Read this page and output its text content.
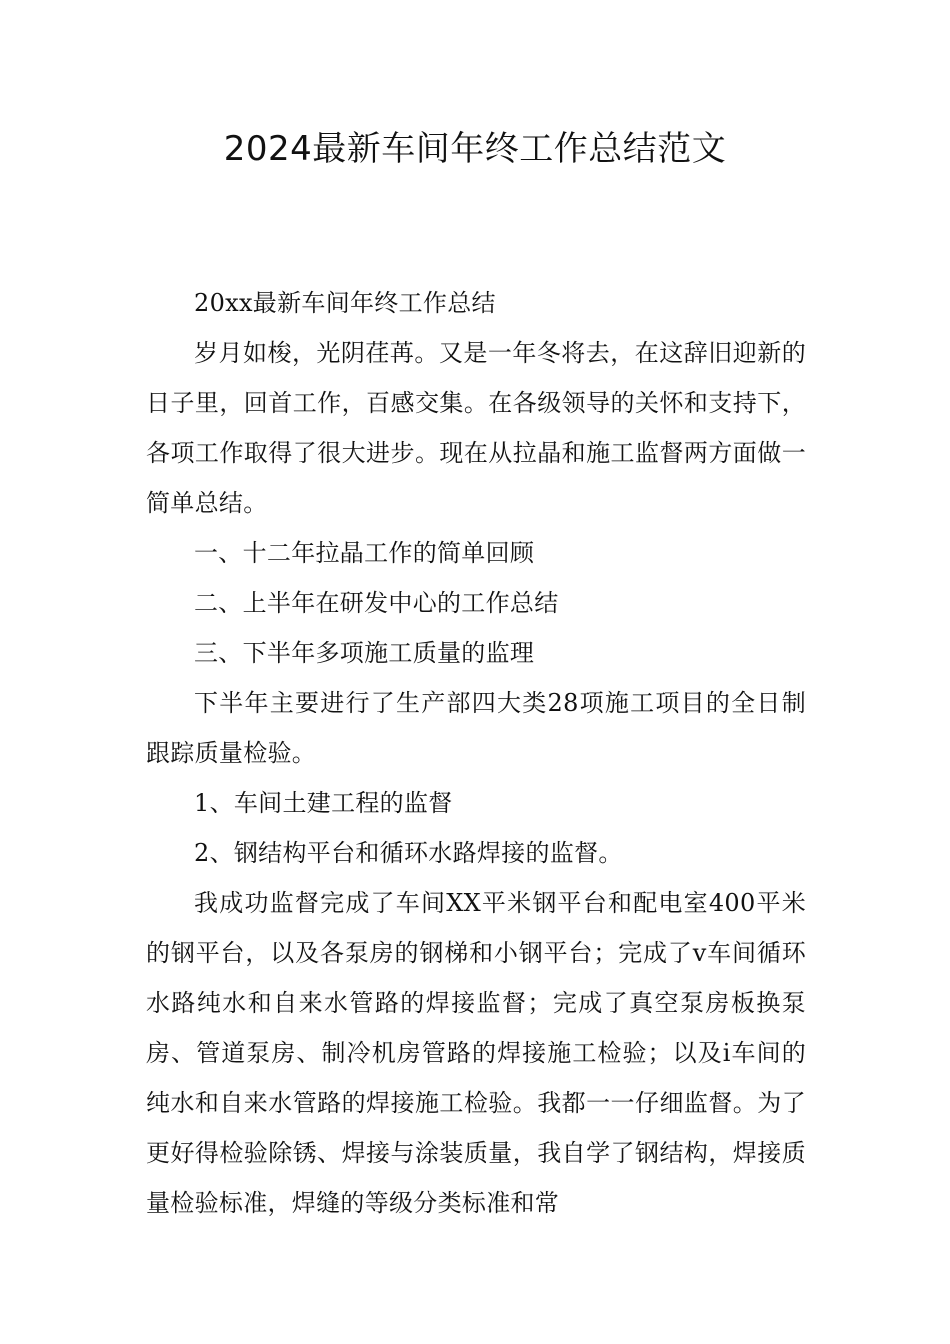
2024最新车间年终工作总结范文

20xx最新车间年终工作总结

岁月如梭，光阴荏苒。又是一年冬将去，在这辞旧迎新的日子里，回首工作，百感交集。在各级领导的关怀和支持下，各项工作取得了很大进步。现在从拉晶和施工监督两方面做一简单总结。

一、十二年拉晶工作的简单回顾

二、上半年在研发中心的工作总结

三、下半年多项施工质量的监理

下半年主要进行了生产部四大类28项施工项目的全日制跟踪质量检验。

1、车间土建工程的监督

2、钢结构平台和循环水路焊接的监督。

我成功监督完成了车间XX平米钢平台和配电室400平米的钢平台，以及各泵房的钢梯和小钢平台；完成了v车间循环水路纯水和自来水管路的焊接监督；完成了真空泵房板换泵房、管道泵房、制冷机房管路的焊接施工检验；以及i车间的纯水和自来水管路的焊接施工检验。我都一一仔细监督。为了更好得检验除锈、焊接与涂装质量，我自学了钢结构，焊接质量检验标准，焊缝的等级分类标准和常
